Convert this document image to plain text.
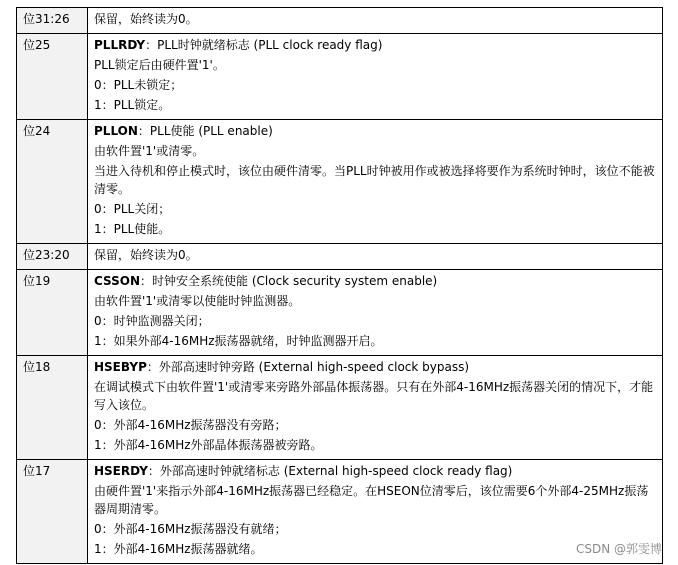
位31:26	保留，始终读为0。

位25	PLLRDY：PLL时钟就绪标志 (PLL clock ready flag)
PLL锁定后由硬件置'1'。
0：PLL未锁定；
1：PLL锁定。

位24	PLLON：PLL使能 (PLL enable)
由软件置'1'或清零。
当进入待机和停止模式时，该位由硬件清零。当PLL时钟被用作或被选择将要作为系统时钟时，该位不能被清零。
0：PLL关闭；
1：PLL使能。

位23:20	保留，始终读为0。

位19	CSSON：时钟安全系统使能 (Clock security system enable)
由软件置'1'或清零以使能时钟监测器。
0：时钟监测器关闭；
1：如果外部4-16MHz振荡器就绪，时钟监测器开启。

位18	HSEBYP：外部高速时钟旁路 (External high-speed clock bypass)
在调试模式下由软件置'1'或清零来旁路外部晶体振荡器。只有在外部4-16MHz振荡器关闭的情况下，才能写入该位。
0：外部4-16MHz振荡器没有旁路；
1：外部4-16MHz外部晶体振荡器被旁路。

位17	HSERDY：外部高速时钟就绪标志 (External high-speed clock ready flag)
由硬件置'1'来指示外部4-16MHz振荡器已经稳定。在HSEON位清零后，该位需要6个外部4-25MHz振荡器周期清零。
0：外部4-16MHz振荡器没有就绪；
1：外部4-16MHz振荡器就绪。	CSDN @郭雯博
